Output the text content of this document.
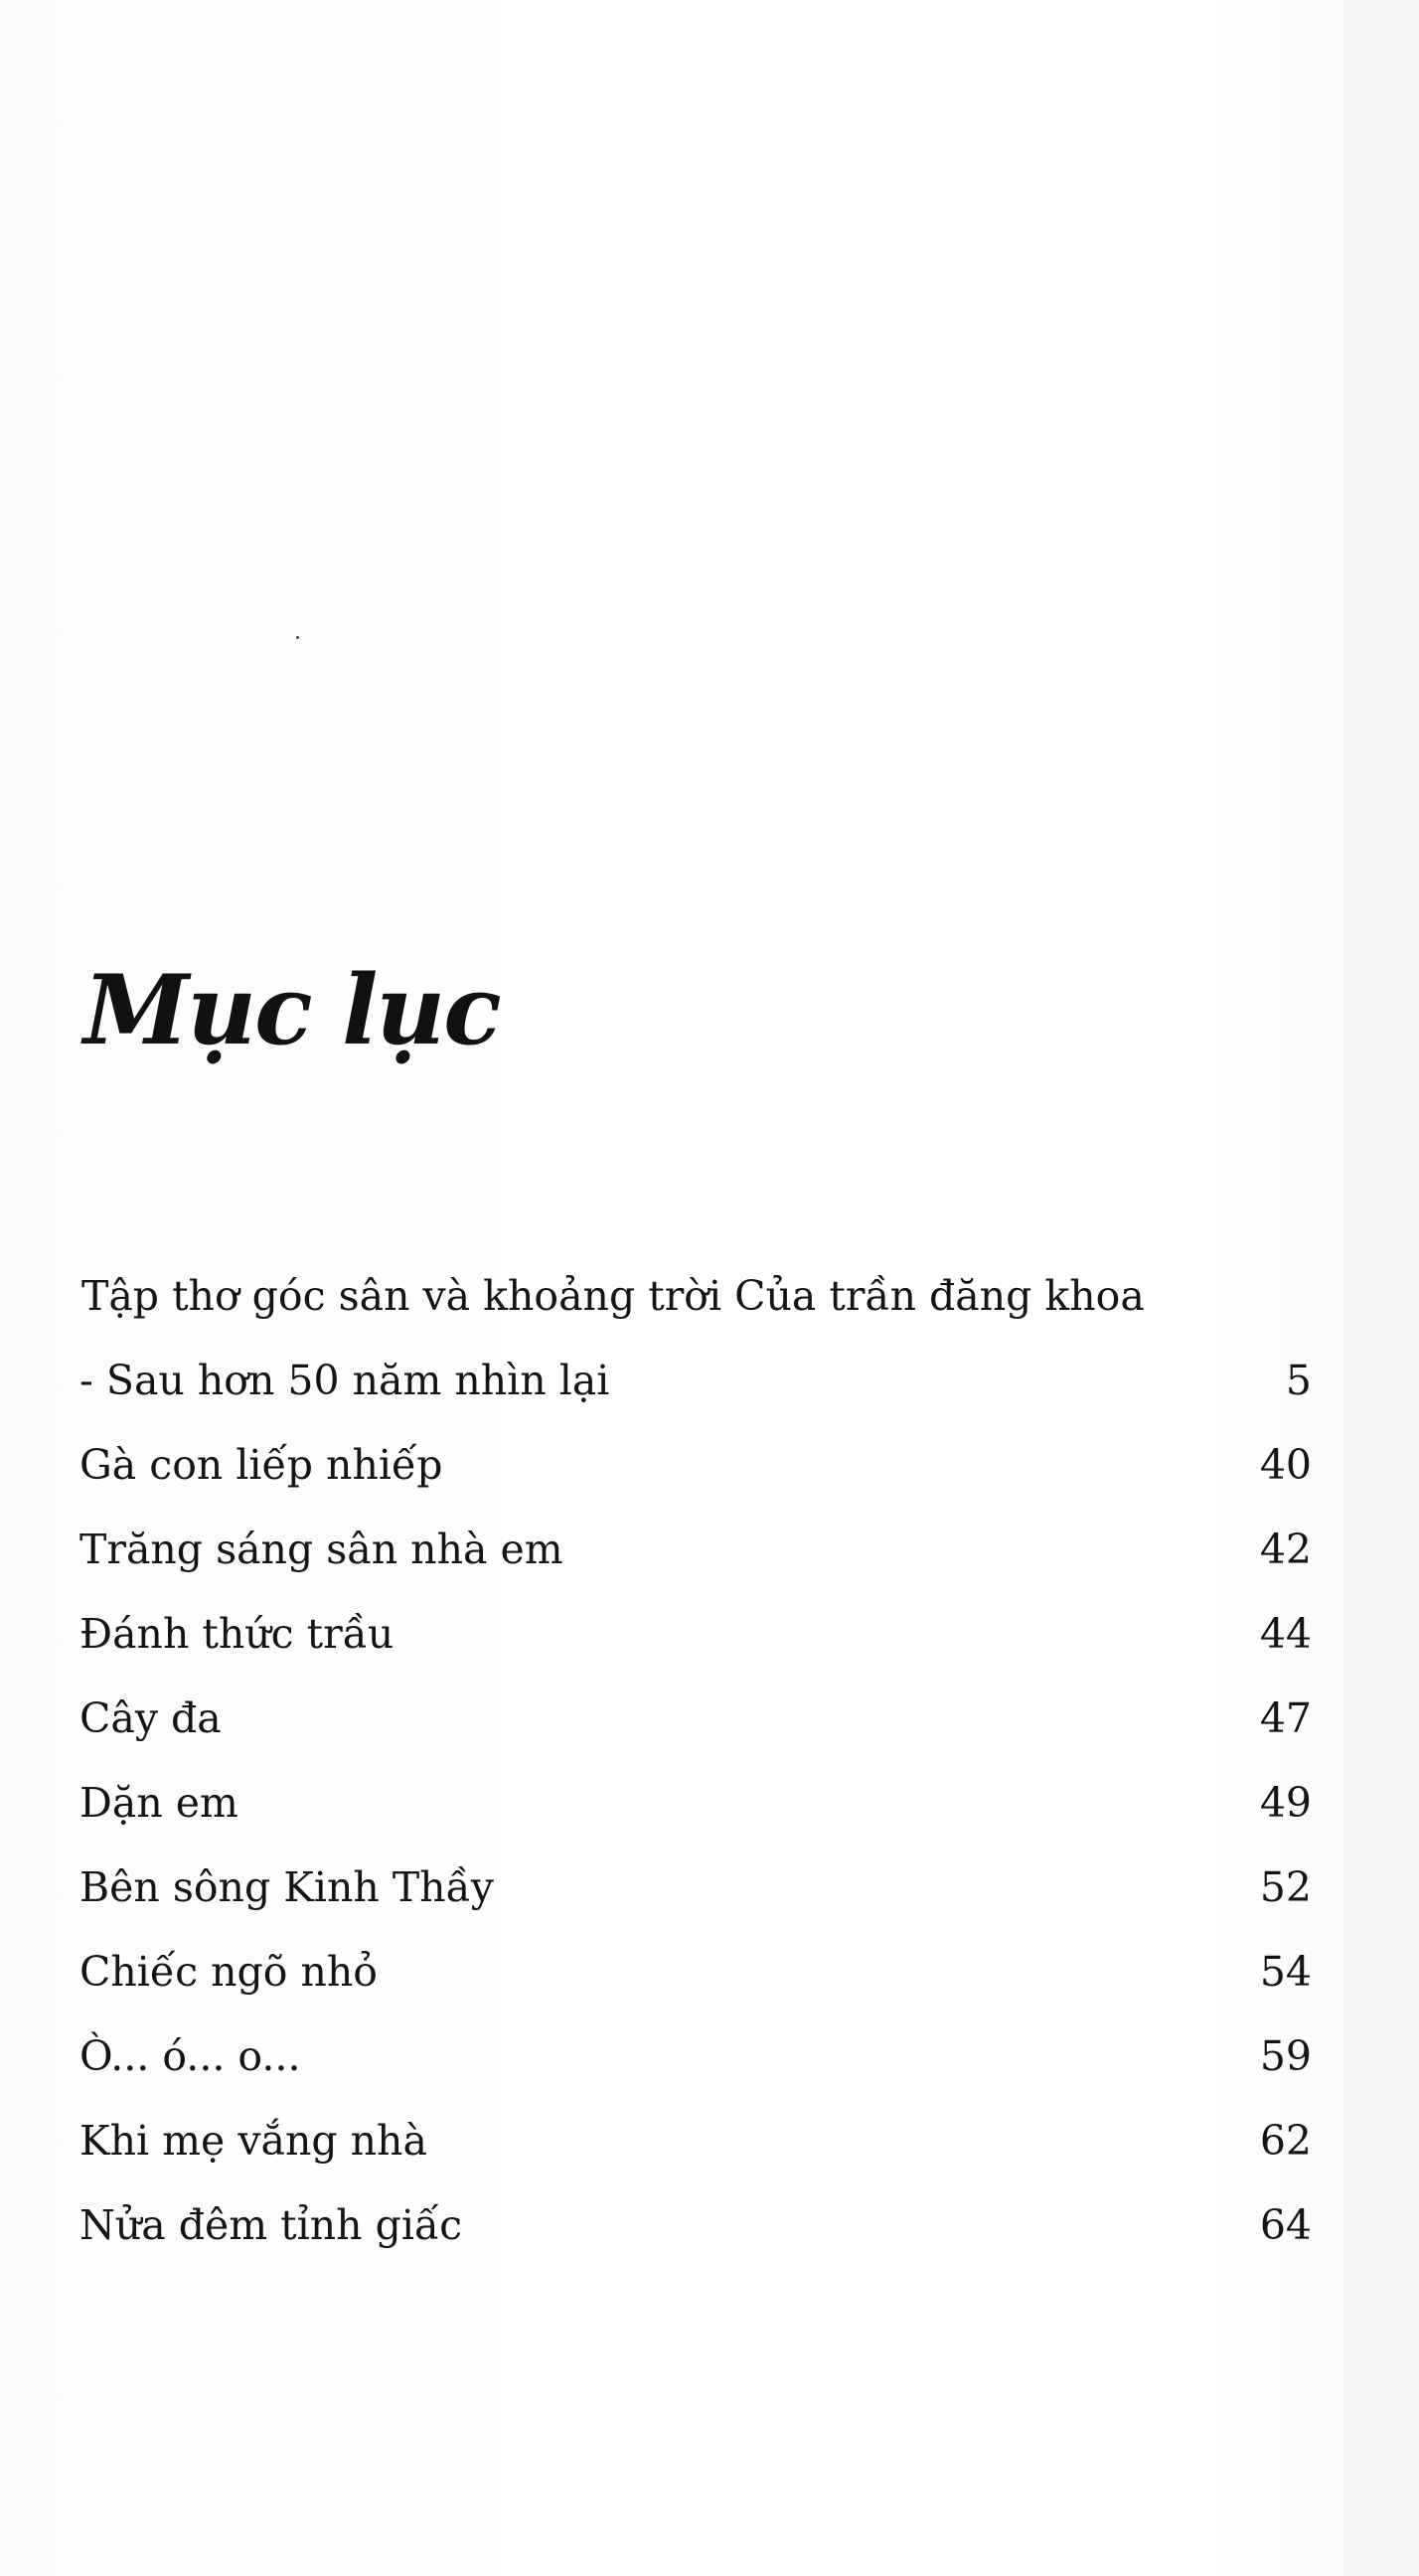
Mục lục
Tập thơ góc sân và khoảng trời Của trần đăng khoa
- Sau hơn 50 năm nhìn lại	5
Gà con liếp nhiếp	40
Trăng sáng sân nhà em	42
Đánh thức trầu	44
Cây đa	47
Dặn em	49
Bên sông Kinh Thầy	52
Chiếc ngõ nhỏ	54
Ò... ó... o...	59
Khi mẹ vắng nhà	62
Nửa đêm tỉnh giấc	64
